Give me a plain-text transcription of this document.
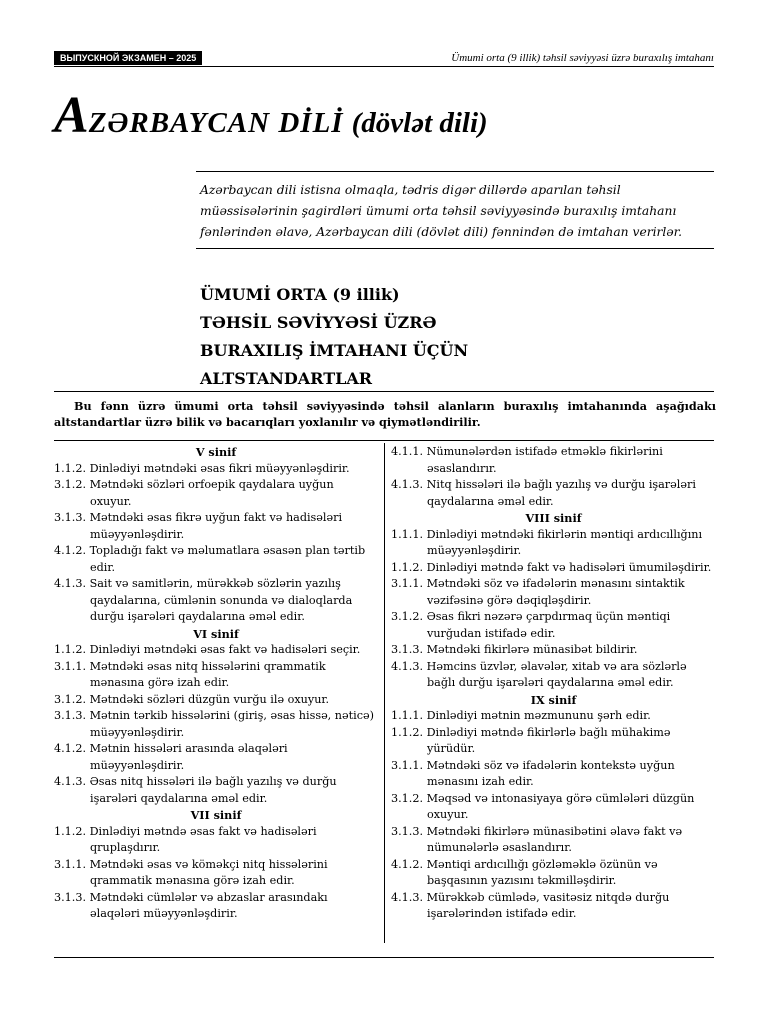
ВЫПУСКНОЙ ЭКЗАМЕН – 2025	Ümumi orta (9 illik) təhsil səviyyəsi üzrə buraxılış imtahanı
AZƏRBAYCAN DİLİ (dövlət dili)

Azərbaycan dili istisna olmaqla, tədris digər dillərdə aparılan təhsil müəssisələrinin şagirdləri ümumi orta təhsil səviyyəsində buraxılış imtahanı fənlərindən əlavə, Azərbaycan dili (dövlət dili) fənnindən də imtahan verirlər.

ÜMUMİ ORTA (9 illik)
TƏHSİL SƏVİYYƏSİ ÜZRƏ
BURAXILIŞ İMTAHANI ÜÇÜN
ALTSTANDARTLAR

Bu fənn üzrə ümumi orta təhsil səviyyəsində təhsil alanların buraxılış imtahanında aşağıdakı altstandartlar üzrə bilik və bacarıqları yoxlanılır və qiymətləndirilir.

V sinif
1.1.2. Dinlədiyi mətndəki əsas fikri müəyyənləşdirir.
3.1.2. Mətndəki sözləri orfoepik qaydalara uyğun oxuyur.
3.1.3. Mətndəki əsas fikrə uyğun fakt və hadisələri müəyyənləşdirir.
4.1.2. Topladığı fakt və məlumatlara əsasən plan tərtib edir.
4.1.3. Sait və samitlərin, mürəkkəb sözlərin yazılış qaydalarına, cümlənin sonunda və dialoqlarda durğu işarələri qaydalarına əməl edir.
VI sinif
1.1.2. Dinlədiyi mətndəki əsas fakt və hadisələri seçir.
3.1.1. Mətndəki əsas nitq hissələrini qrammatik mənasına görə izah edir.
3.1.2. Mətndəki sözləri düzgün vurğu ilə oxuyur.
3.1.3. Mətnin tərkib hissələrini (giriş, əsas hissə, nəticə) müəyyənləşdirir.
4.1.2. Mətnin hissələri arasında əlaqələri müəyyənləşdirir.
4.1.3. Əsas nitq hissələri ilə bağlı yazılış və durğu işarələri qaydalarına əməl edir.
VII sinif
1.1.2. Dinlədiyi mətndə əsas fakt və hadisələri qruplaşdırır.
3.1.1. Mətndəki əsas və köməkçi nitq hissələrini qrammatik mənasına görə izah edir.
3.1.3. Mətndəki cümlələr və abzaslar arasındakı əlaqələri müəyyənləşdirir.
4.1.1. Nümunələrdən istifadə etməklə fikirlərini əsaslandırır.
4.1.3. Nitq hissələri ilə bağlı yazılış və durğu işarələri qaydalarına əməl edir.
VIII sinif
1.1.1. Dinlədiyi mətndəki fikirlərin məntiqi ardıcıllığını müəyyənləşdirir.
1.1.2. Dinlədiyi mətndə fakt və hadisələri ümumiləşdirir.
3.1.1. Mətndəki söz və ifadələrin mənasını sintaktik vəzifəsinə görə dəqiqləşdirir.
3.1.2. Əsas fikri nəzərə çarpdırmaq üçün məntiqi vurğudan istifadə edir.
3.1.3. Mətndəki fikirlərə münasibət bildirir.
4.1.3. Həmcins üzvlər, əlavələr, xitab və ara sözlərlə bağlı durğu işarələri qaydalarına əməl edir.
IX sinif
1.1.1. Dinlədiyi mətnin məzmununu şərh edir.
1.1.2. Dinlədiyi mətndə fikirlərlə bağlı mühakimə yürüdür.
3.1.1. Mətndəki söz və ifadələrin kontekstə uyğun mənasını izah edir.
3.1.2. Məqsəd və intonasiyaya görə cümlələri düzgün oxuyur.
3.1.3. Mətndəki fikirlərə münasibətini əlavə fakt və nümunələrlə əsaslandırır.
4.1.2. Məntiqi ardıcıllığı gözləməklə özünün və başqasının yazısını təkmilləşdirir.
4.1.3. Mürəkkəb cümlədə, vasitəsiz nitqdə durğu işarələrindən istifadə edir.
